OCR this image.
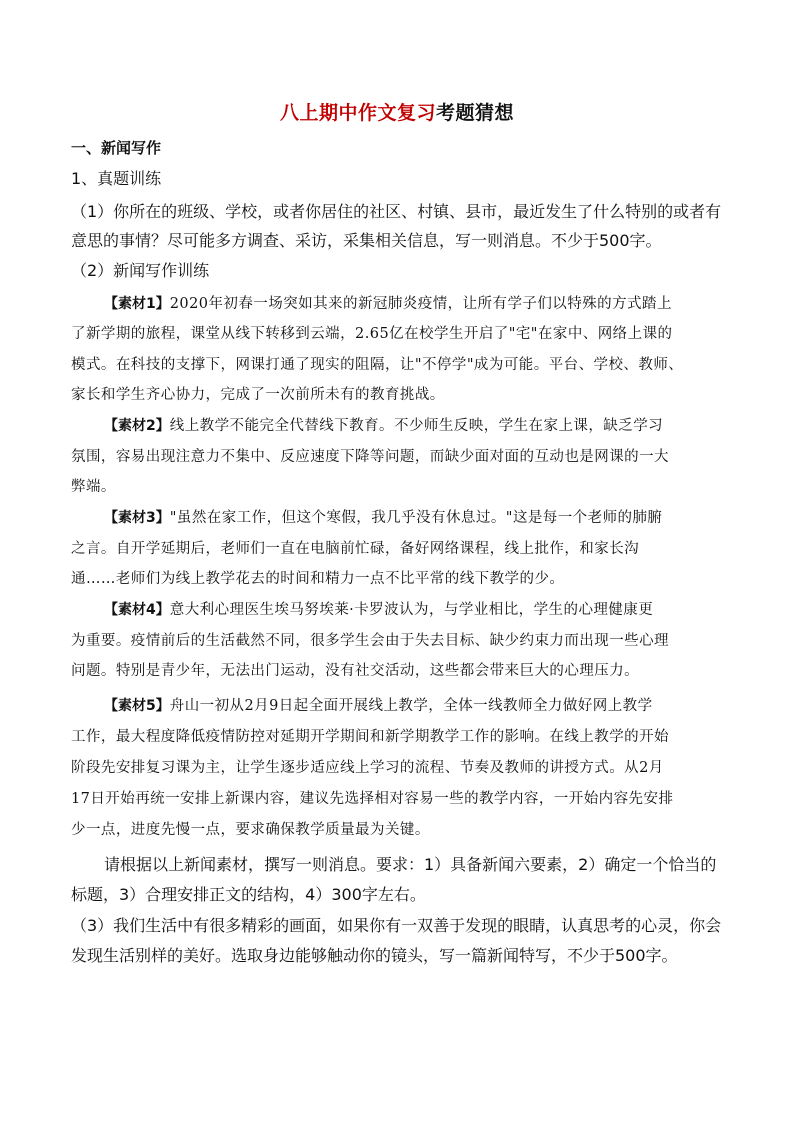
八上期中作文复习考题猜想
一、新闻写作
1、真题训练
（1）你所在的班级、学校，或者你居住的社区、村镇、县市，最近发生了什么特别的或者有
意思的事情？尽可能多方调查、采访，采集相关信息，写一则消息。不少于500字。
（2）新闻写作训练
【素材1】2020年初春一场突如其来的新冠肺炎疫情，让所有学子们以特殊的方式踏上
了新学期的旅程，课堂从线下转移到云端，2.65亿在校学生开启了"宅"在家中、网络上课的
模式。在科技的支撑下，网课打通了现实的阻隔，让"不停学"成为可能。平台、学校、教师、
家长和学生齐心协力，完成了一次前所未有的教育挑战。
【素材2】线上教学不能完全代替线下教育。不少师生反映，学生在家上课，缺乏学习
氛围，容易出现注意力不集中、反应速度下降等问题，而缺少面对面的互动也是网课的一大
弊端。
【素材3】"虽然在家工作，但这个寒假，我几乎没有休息过。"这是每一个老师的肺腑
之言。自开学延期后，老师们一直在电脑前忙碌，备好网络课程，线上批作，和家长沟
通……老师们为线上教学花去的时间和精力一点不比平常的线下教学的少。
【素材4】意大利心理医生埃马努埃莱·卡罗波认为，与学业相比，学生的心理健康更
为重要。疫情前后的生活截然不同，很多学生会由于失去目标、缺少约束力而出现一些心理
问题。特别是青少年，无法出门运动，没有社交活动，这些都会带来巨大的心理压力。
【素材5】舟山一初从2月9日起全面开展线上教学，全体一线教师全力做好网上教学
工作，最大程度降低疫情防控对延期开学期间和新学期教学工作的影响。在线上教学的开始
阶段先安排复习课为主，让学生逐步适应线上学习的流程、节奏及教师的讲授方式。从2月
17日开始再统一安排上新课内容，建议先选择相对容易一些的教学内容，一开始内容先安排
少一点，进度先慢一点，要求确保教学质量最为关键。
请根据以上新闻素材，撰写一则消息。要求：1）具备新闻六要素，2）确定一个恰当的
标题，3）合理安排正文的结构，4）300字左右。
（3）我们生活中有很多精彩的画面，如果你有一双善于发现的眼睛，认真思考的心灵，你会
发现生活别样的美好。选取身边能够触动你的镜头，写一篇新闻特写，不少于500字。
